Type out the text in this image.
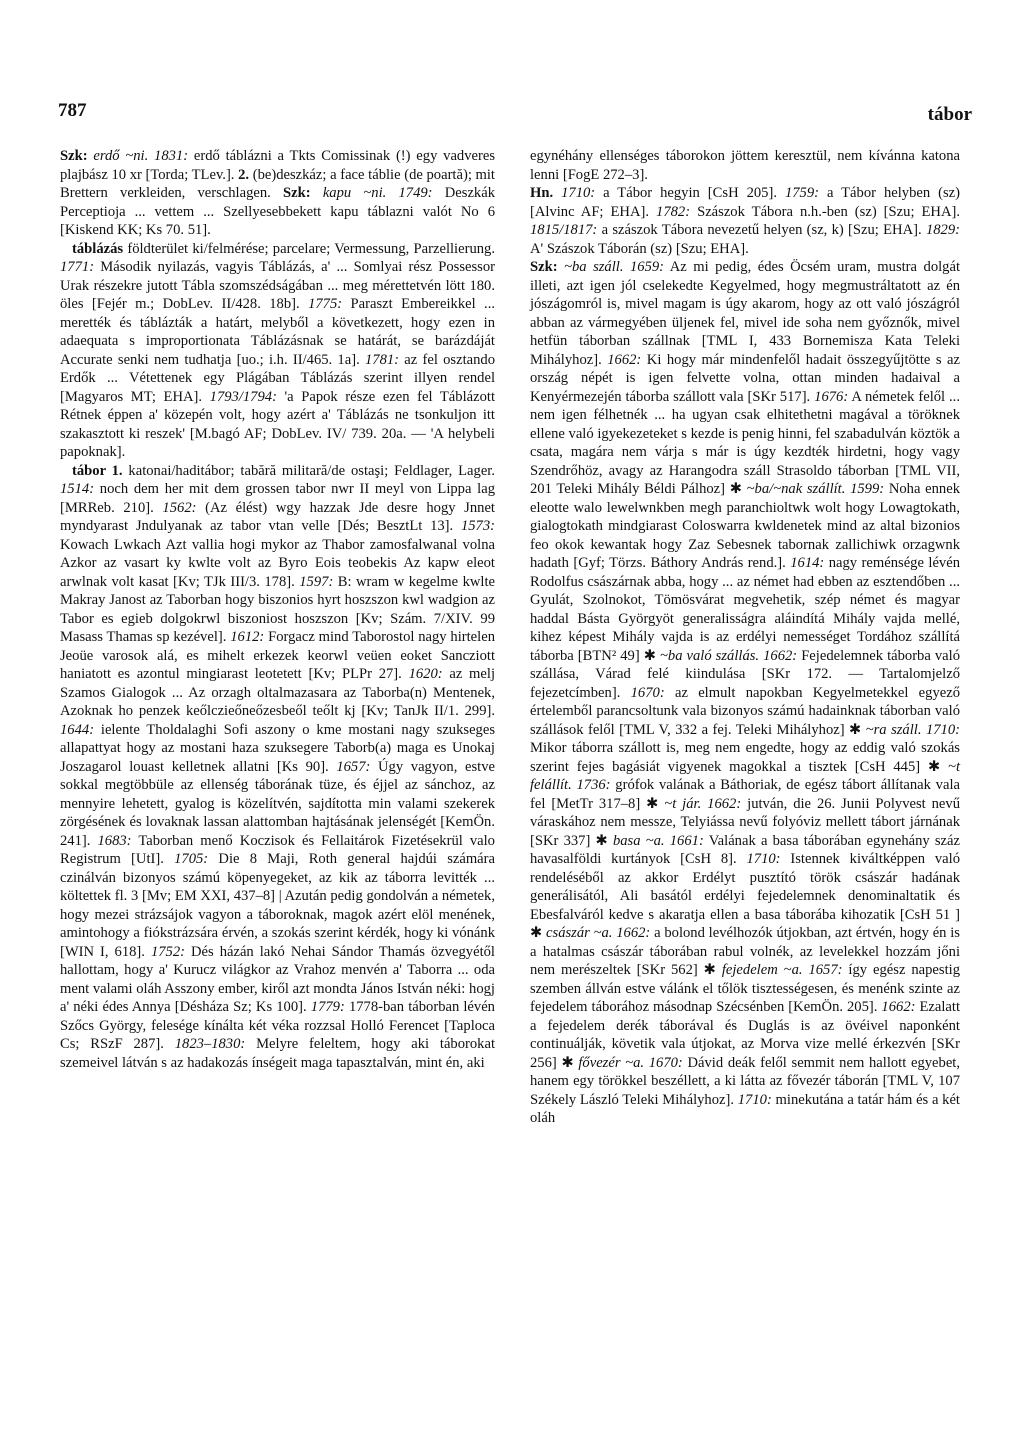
787	tábor

Szk: erdő ~ni. 1831: erdő táblázni a Tkts Comissinak (!) egy vadveres plajbász 10 xr [Torda; TLev.]. 2. (be)deszkáz; a face táblie (de poartă); mit Brettern verkleiden, verschlagen. Szk: kapu ~ni. 1749: Deszkák Perceptioja ... vettem ... Szellyesebbekett kapu táblazni valót No 6 [Kiskend KK; Ks 70. 51].

táblázás földterület ki/felmérése; parcelare; Vermessung, Parzellierung. 1771: Második nyilazás, vagyis Táblázás, a' ... Somlyai rész Possessor Urak részekre jutott Tábla szomszédságában ... meg mérettetvén lött 180. öles [Fejér m.; DobLev. II/428. 18b]. 1775: Paraszt Embereikkel ... merették és táblázták a határt, melyből a következett, hogy ezen in adaequata s improportionata Táblázásnak se határát, se barázdáját Accurate senki nem tudhatja [uo.; i.h. II/465. 1a]. 1781: az fel osztando Erdők ... Vétettenek egy Plágában Táblázás szerint illyen rendel [Magyaros MT; EHA]. 1793/1794: 'a Papok része ezen fel Táblázott Rétnek éppen a' közepén volt, hogy azért a' Táblázás ne tsonkuljon itt szakasztott ki reszek' [M.bagó AF; DobLev. IV/ 739. 20a. — 'A helybeli papoknak].

tábor 1. katonai/haditábor; tabără militară/de ostaşi; Feldlager, Lager. 1514: noch dem her mit dem grossen tabor nwr II meyl von Lippa lag [MRReb. 210]. 1562: (Az élést) wgy hazzak Jde desre hogy Jnnet myndyarast Jndulyanak az tabor vtan velle [Dés; BesztLt 13]. 1573: Kowach Lwkach Azt vallia hogi mykor az Thabor zamosfalwanal volna Azkor az vasart ky kwlte volt az Byro Eois teobekis Az kapw eleot arwlnak volt kasat [Kv; TJk III/3. 178]. 1597: B: wram w kegelme kwlte Makray Janost az Taborban hogy biszonios hyrt hoszszon kwl wadgion az Tabor es egieb dolgokrwl biszoniost hoszszon [Kv; Szám. 7/XIV. 99 Masass Thamas sp kezével]. 1612: Forgacz mind Taborostol nagy hirtelen Jeoüe varosok alá, es mihelt erkezek keorwl veüen eoket Sancziott haniatott es azontul mingiarast leotetett [Kv; PLPr 27]. 1620: az melj Szamos Gialogok ... Az orzagh oltalmazasara az Taborba(n) Mentenek, Azoknak ho penzek keőlczieőneőzesbeől teőlt kj [Kv; TanJk II/1. 299]. 1644: ielente Tholdalaghi Sofi aszony o kme mostani nagy szukseges allapattyat hogy az mostani haza szuksegere Taborb(a) maga es Unokaj Joszagarol louast kelletnek allatni [Ks 90]. 1657: Úgy vagyon, estve sokkal megtöbbüle az ellenség táborának tüze, és éjjel az sánchoz, az mennyire lehetett, gyalog is közelítvén, sajdította min valami szekerek zörgésének és lovaknak lassan alattomban hajtásának jelenségét [KemÖn. 241]. 1683: Taborban menő Koczisok és Fellaitárok Fizetésekrül valo Registrum [UtI]. 1705: Die 8 Maji, Roth general hajdúi számára czinálván bizonyos számú köpenyegeket, az kik az táborra levitték ... költettek fl. 3 [Mv; EM XXI, 437–8] | Azután pedig gondolván a németek, hogy mezei strázsájok vagyon a táboroknak, magok azért elöl menének, amintohogy a fiókstrázsára érvén, a szokás szerint kérdék, hogy ki vónánk [WIN I, 618]. 1752: Dés házán lakó Nehai Sándor Thamás özvegyétől hallottam, hogy a' Kurucz világkor az Vrahoz menvén a' Taborra ... oda ment valami oláh Asszony ember, kiről azt mondta János István néki: hogj a' néki édes Annya [Désháza Sz; Ks 100]. 1779: 1778-ban táborban lévén Szőcs György, felesége kínálta két véka rozzsal Holló Ferencet [Taploca Cs; RSzF 287]. 1823–1830: Melyre feleltem, hogy aki táborokat szemeivel látván s az hadakozás ínségeit maga tapasztalván, mint én, aki

egynéhány ellenséges táborokon jöttem keresztül, nem kívánna katona lenni [FogE 272–3].

Hn. 1710: a Tábor hegyin [CsH 205]. 1759: a Tábor helyben (sz) [Alvinc AF; EHA]. 1782: Szászok Tábora n.h.-ben (sz) [Szu; EHA]. 1815/1817: a szászok Tábora nevezetű helyen (sz, k) [Szu; EHA]. 1829: A' Szászok Táborán (sz) [Szu; EHA].

Szk: ~ba száll. 1659: Az mi pedig, édes Öcsém uram, mustra dolgát illeti, azt igen jól cselekedte Kegyelmed, hogy megmustráltatott az én jószágomról is, mivel magam is úgy akarom, hogy az ott való jószágról abban az vármegyében üljenek fel, mivel ide soha nem győznők, mivel hetfün táborban szállnak [TML I, 433 Bornemisza Kata Teleki Mihályhoz]. 1662: Ki hogy már mindenfelől hadait összegyűjtötte s az ország népét is igen felvette volna, ottan minden hadaival a Kenyérmezején táborba szállott vala [SKr 517]. 1676: A németek felől ... nem igen félhetnék ... ha ugyan csak elhitethetni magával a töröknek ellene való igyekezeteket s kezde is penig hinni, fel szabadulván köztök a csata, magára nem várja s már is úgy kezdték hirdetni, hogy vagy Szendrőhöz, avagy az Harangodra száll Strasoldo táborban [TML VII, 201 Teleki Mihály Béldi Pálhoz] ✱ ~ba/~nak szállít. 1599: Noha ennek eleotte walo lewelwnkben megh paranchioltwk wolt hogy Lowagtokath, gialogtokath mindgiarast Coloswarra kwldenetek mind az altal bizonios feo okok kewantak hogy Zaz Sebesnek tabornak zallichiwk orzagwnk hadath [Gyf; Törzs. Báthory András rend.]. 1614: nagy reménsége lévén Rodolfus császárnak abba, hogy ... az német had ebben az esztendőben ... Gyulát, Szolnokot, Tömösvárat megvehetik, szép német és magyar haddal Básta Györgyöt generalisságra aláindítá Mihály vajda mellé, kihez képest Mihály vajda is az erdélyi nemességet Tordához szállítá táborba [BTN² 49] ✱ ~ba való szállás. 1662: Fejedelemnek táborba való szállása, Várad felé kiindulása [SKr 172. — Tartalomjelző fejezetcímben]. 1670: az elmult napokban Kegyelmetekkel egyező értelemből parancsoltunk vala bizonyos számú hadainknak táborban való szállások felől [TML V, 332 a fej. Teleki Mihályhoz] ✱ ~ra száll. 1710: Mikor táborra szállott is, meg nem engedte, hogy az eddig való szokás szerint fejes bagásiát vigyenek magokkal a tisztek [CsH 445] ✱ ~t felállít. 1736: grófok valának a Báthoriak, de egész tábort állítanak vala fel [MetTr 317–8] ✱ ~t jár. 1662: jutván, die 26. Junii Polyvest nevű váraskához nem messze, Telyiássa nevű folyóviz mellett tábort járnának [SKr 337] ✱ basa ~a. 1661: Valának a basa táborában egynehány száz havasalföldi kurtányok [CsH 8]. 1710: Istennek kiváltképpen való rendeléséből az akkor Erdélyt pusztító török császár hadának generálisától, Ali basától erdélyi fejedelemnek denominaltatik és Ebesfalváról kedve s akaratja ellen a basa táborába kihozatik [CsH 51 ] ✱ császár ~a. 1662: a bolond levélhozók útjokban, azt értvén, hogy én is a hatalmas császár táborában rabul volnék, az levelekkel hozzám jőni nem merészeltek [SKr 562] ✱ fejedelem ~a. 1657: így egész napestig szemben állván estve válánk el tőlök tisztességesen, és menénk szinte az fejedelem táborához másodnap Szécsénben [KemÖn. 205]. 1662: Ezalatt a fejedelem derék táborával és Duglás is az övéivel naponként continuálják, követik vala útjokat, az Morva vize mellé érkezvén [SKr 256] ✱ fővezér ~a. 1670: Dávid deák felől semmit nem hallott egyebet, hanem egy törökkel beszéllett, a ki látta az fővezér táborán [TML V, 107 Székely László Teleki Mihályhoz]. 1710: minekutána a tatár hám és a két oláh
